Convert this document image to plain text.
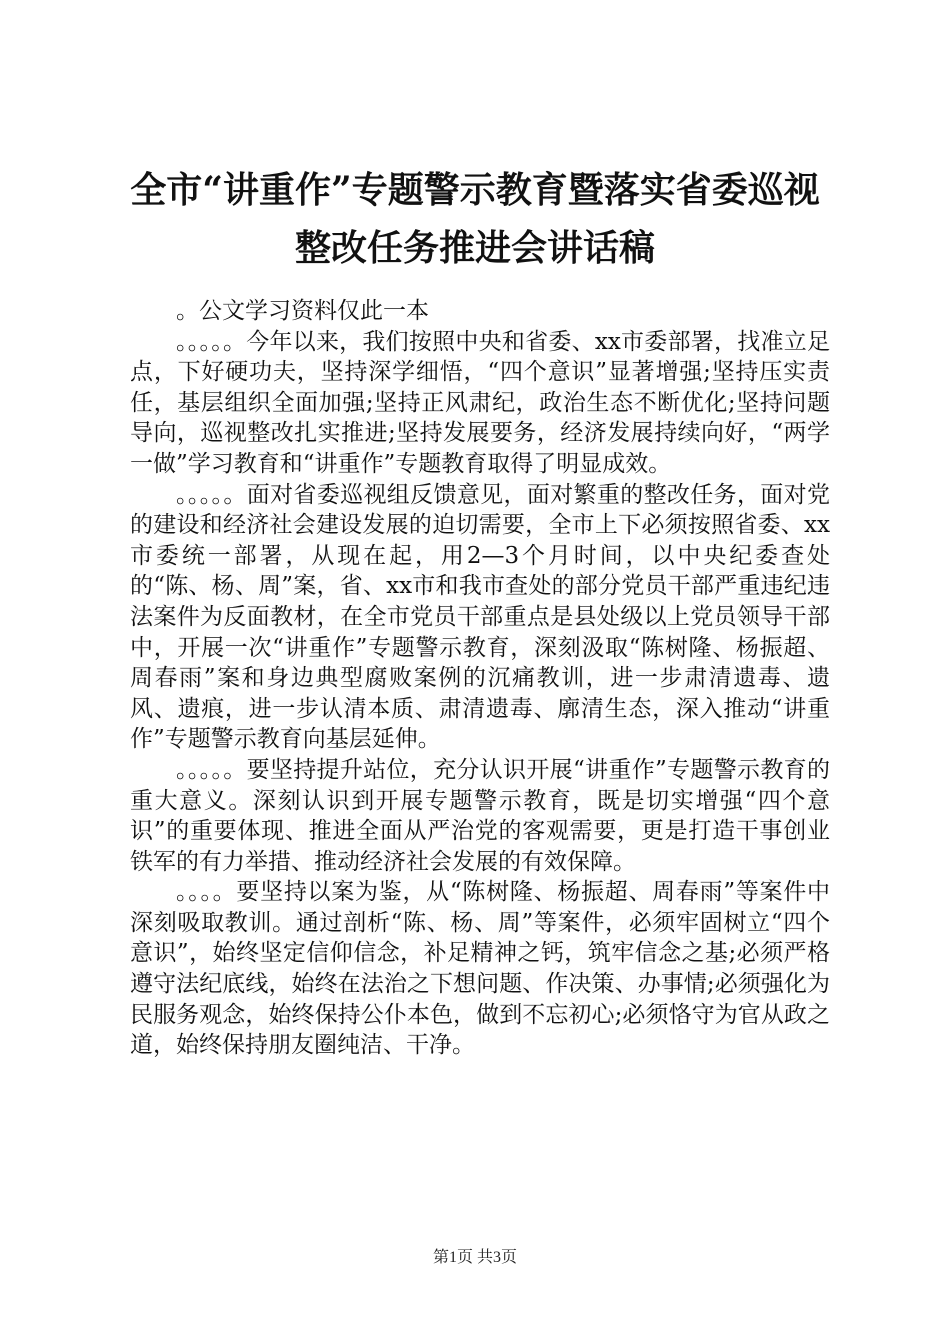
全市“讲重作”专题警示教育暨落实省委巡视
整改任务推进会讲话稿

。公文学习资料仅此一本

。。。。。今年以来，我们按照中央和省委、xx市委部署，找准立足点，下好硬功夫，坚持深学细悟，“四个意识”显著增强;坚持压实责任，基层组织全面加强;坚持正风肃纪，政治生态不断优化;坚持问题导向，巡视整改扎实推进;坚持发展要务，经济发展持续向好，“两学一做”学习教育和“讲重作”专题教育取得了明显成效。

。。。。。面对省委巡视组反馈意见，面对繁重的整改任务，面对党的建设和经济社会建设发展的迫切需要，全市上下必须按照省委、xx市委统一部署，从现在起，用2—3个月时间，以中央纪委查处的“陈、杨、周”案，省、xx市和我市查处的部分党员干部严重违纪违法案件为反面教材，在全市党员干部重点是县处级以上党员领导干部中，开展一次“讲重作”专题警示教育，深刻汲取“陈树隆、杨振超、周春雨”案和身边典型腐败案例的沉痛教训，进一步肃清遗毒、遗风、遗痕，进一步认清本质、肃清遗毒、廓清生态，深入推动“讲重作”专题警示教育向基层延伸。

。。。。。要坚持提升站位，充分认识开展“讲重作”专题警示教育的重大意义。深刻认识到开展专题警示教育，既是切实增强“四个意识”的重要体现、推进全面从严治党的客观需要，更是打造干事创业铁军的有力举措、推动经济社会发展的有效保障。

。。。。要坚持以案为鉴，从“陈树隆、杨振超、周春雨”等案件中深刻吸取教训。通过剖析“陈、杨、周”等案件，必须牢固树立“四个意识”，始终坚定信仰信念，补足精神之钙，筑牢信念之基;必须严格遵守法纪底线，始终在法治之下想问题、作决策、办事情;必须强化为民服务观念，始终保持公仆本色，做到不忘初心;必须恪守为官从政之道，始终保持朋友圈纯洁、干净。

第1页 共3页
